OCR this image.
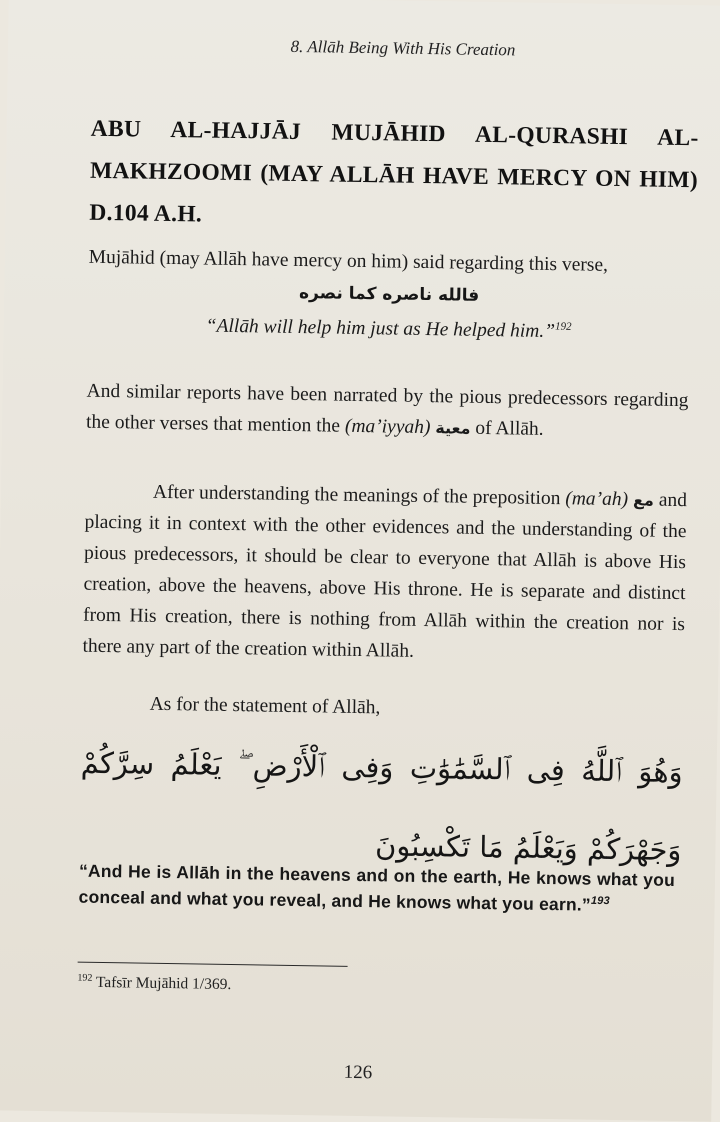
8. Allāh Being With His Creation
ABU AL-HAJJĀJ MUJĀHID AL-QURASHI AL-MAKHZOOMI (MAY ALLĀH HAVE MERCY ON HIM) D.104 A.H.
Mujāhid (may Allāh have mercy on him) said regarding this verse,
فالله ناصره كما نصره
“Allāh will help him just as He helped him.”$^{192}$
And similar reports have been narrated by the pious predecessors regarding the other verses that mention the (ma’iyyah) معية of Allāh.
After understanding the meanings of the preposition (ma’ah) مع and placing it in context with the other evidences and the understanding of the pious predecessors, it should be clear to everyone that Allāh is above His creation, above the heavens, above His throne. He is separate and distinct from His creation, there is nothing from Allāh within the creation nor is there any part of the creation within Allāh.
As for the statement of Allāh,
وَهُوَ ٱللَّهُ فِى ٱلسَّمَٰوَٰتِ وَفِى ٱلْأَرْضِ ۖ يَعْلَمُ سِرَّكُمْ وَجَهْرَكُمْ وَيَعْلَمُ مَا تَكْسِبُونَ
“And He is Allāh in the heavens and on the earth, He knows what you conceal and what you reveal, and He knows what you earn.”$^{193}$
$^{192}$ Tafsīr Mujāhid 1/369.
126
